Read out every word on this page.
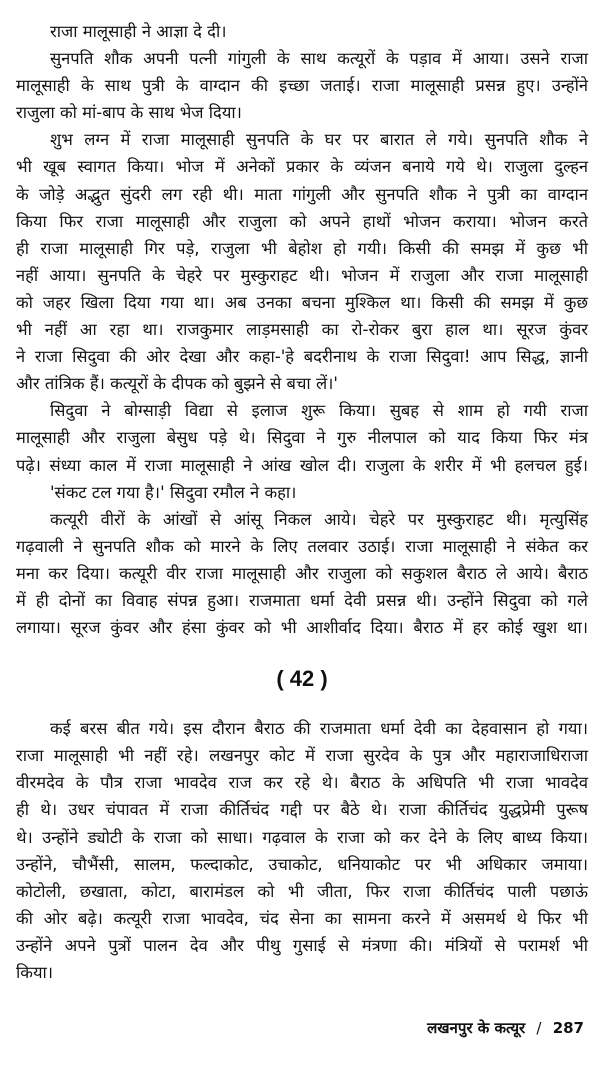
राजा मालूसाही ने आज्ञा दे दी।
सुनपति शौक अपनी पत्नी गांगुली के साथ कत्यूरों के पड़ाव में आया। उसने राजा
मालूसाही के साथ पुत्री के वाग्दान की इच्छा जताई। राजा मालूसाही प्रसन्न हुए। उन्होंने
राजुला को मां-बाप के साथ भेज दिया।
शुभ लग्न में राजा मालूसाही सुनपति के घर पर बारात ले गये। सुनपति शौक ने
भी खूब स्वागत किया। भोज में अनेकों प्रकार के व्यंजन बनाये गये थे। राजुला दुल्हन
के जोड़े अद्भुत सुंदरी लग रही थी। माता गांगुली और सुनपति शौक ने पुत्री का वाग्दान
किया फिर राजा मालूसाही और राजुला को अपने हाथों भोजन कराया। भोजन करते
ही राजा मालूसाही गिर पड़े, राजुला भी बेहोश हो गयी। किसी की समझ में कुछ भी
नहीं आया। सुनपति के चेहरे पर मुस्कुराहट थी। भोजन में राजुला और राजा मालूसाही
को जहर खिला दिया गया था। अब उनका बचना मुश्किल था। किसी की समझ में कुछ
भी नहीं आ रहा था। राजकुमार लाड़मसाही का रो-रोकर बुरा हाल था। सूरज कुंवर
ने राजा सिदुवा की ओर देखा और कहा-'हे बदरीनाथ के राजा सिदुवा! आप सिद्ध, ज्ञानी
और तांत्रिक हैं। कत्यूरों के दीपक को बुझने से बचा लें।'
सिदुवा ने बोग्साड़ी विद्या से इलाज शुरू किया। सुबह से शाम हो गयी राजा
मालूसाही और राजुला बेसुध पड़े थे। सिदुवा ने गुरु नीलपाल को याद किया फिर मंत्र
पढ़े। संध्या काल में राजा मालूसाही ने आंख खोल दी। राजुला के शरीर में भी हलचल हुई।
'संकट टल गया है।' सिदुवा रमौल ने कहा।
कत्यूरी वीरों के आंखों से आंसू निकल आये। चेहरे पर मुस्कुराहट थी। मृत्युसिंह
गढ़वाली ने सुनपति शौक को मारने के लिए तलवार उठाई। राजा मालूसाही ने संकेत कर
मना कर दिया। कत्यूरी वीर राजा मालूसाही और राजुला को सकुशल बैराठ ले आये। बैराठ
में ही दोनों का विवाह संपन्न हुआ। राजमाता धर्मा देवी प्रसन्न थी। उन्होंने सिदुवा को गले
लगाया। सूरज कुंवर और हंसा कुंवर को भी आशीर्वाद दिया। बैराठ में हर कोई खुश था।
( 42 )
कई बरस बीत गये। इस दौरान बैराठ की राजमाता धर्मा देवी का देहवासान हो गया।
राजा मालूसाही भी नहीं रहे। लखनपुर कोट में राजा सुरदेव के पुत्र और महाराजाधिराजा
वीरमदेव के पौत्र राजा भावदेव राज कर रहे थे। बैराठ के अधिपति भी राजा भावदेव
ही थे। उधर चंपावत में राजा कीर्तिचंद गद्दी पर बैठे थे। राजा कीर्तिचंद युद्धप्रेमी पुरूष
थे। उन्होंने ड्योटी के राजा को साधा। गढ़वाल के राजा को कर देने के लिए बाध्य किया।
उन्होंने, चौभैंसी, सालम, फल्दाकोट, उचाकोट, धनियाकोट पर भी अधिकार जमाया।
कोटोली, छखाता, कोटा, बारामंडल को भी जीता, फिर राजा कीर्तिचंद पाली पछाऊं
की ओर बढ़े। कत्यूरी राजा भावदेव, चंद सेना का सामना करने में असमर्थ थे फिर भी
उन्होंने अपने पुत्रों पालन देव और पीथु गुसाई से मंत्रणा की। मंत्रियों से परामर्श भी
किया।
लखनपुर के कत्यूर / 287
